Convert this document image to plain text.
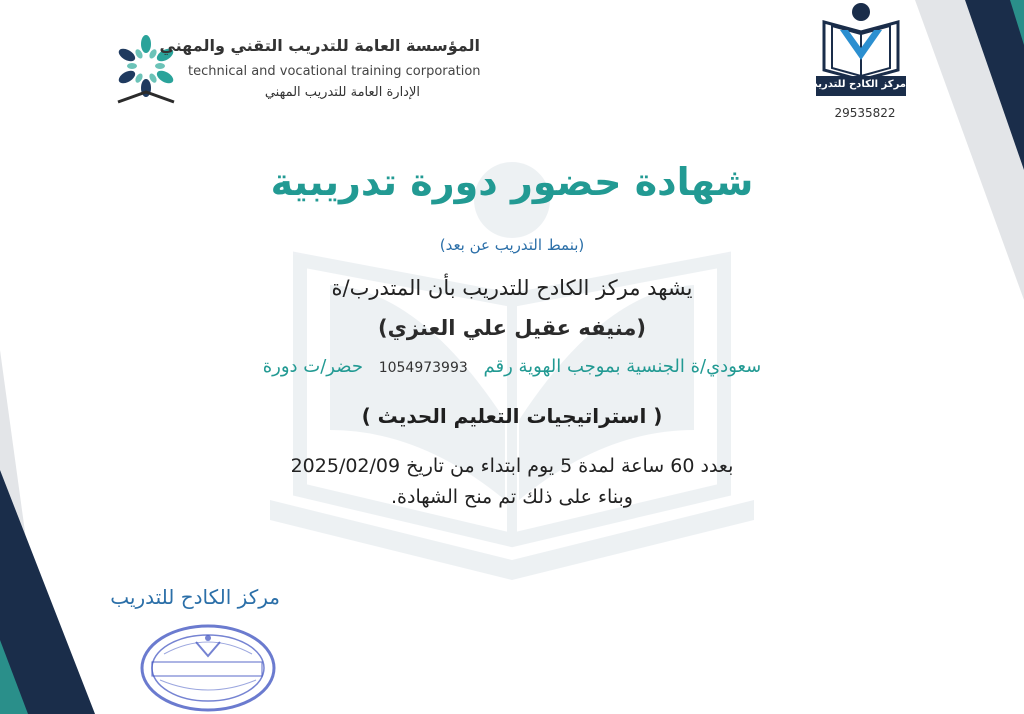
المؤسسة العامة للتدريب التقني والمهني
technical and vocational training corporation
الإدارة العامة للتدريب المهني
مركز الكادح للتدريب
29535822
شهادة حضور دورة تدريبية
(بنمط التدريب عن بعد)
يشهد مركز الكادح للتدريب بأن المتدرب/ة
(منيفه عقيل علي العنزي)
سعودي/ة الجنسية بموجب الهوية رقم 1054973993 حضر/ت دورة
( استراتيجيات التعليم الحديث )
بعدد 60 ساعة لمدة 5 يوم ابتداء من تاريخ 2025/02/09
وبناء على ذلك تم منح الشهادة.
مركز الكادح للتدريب
